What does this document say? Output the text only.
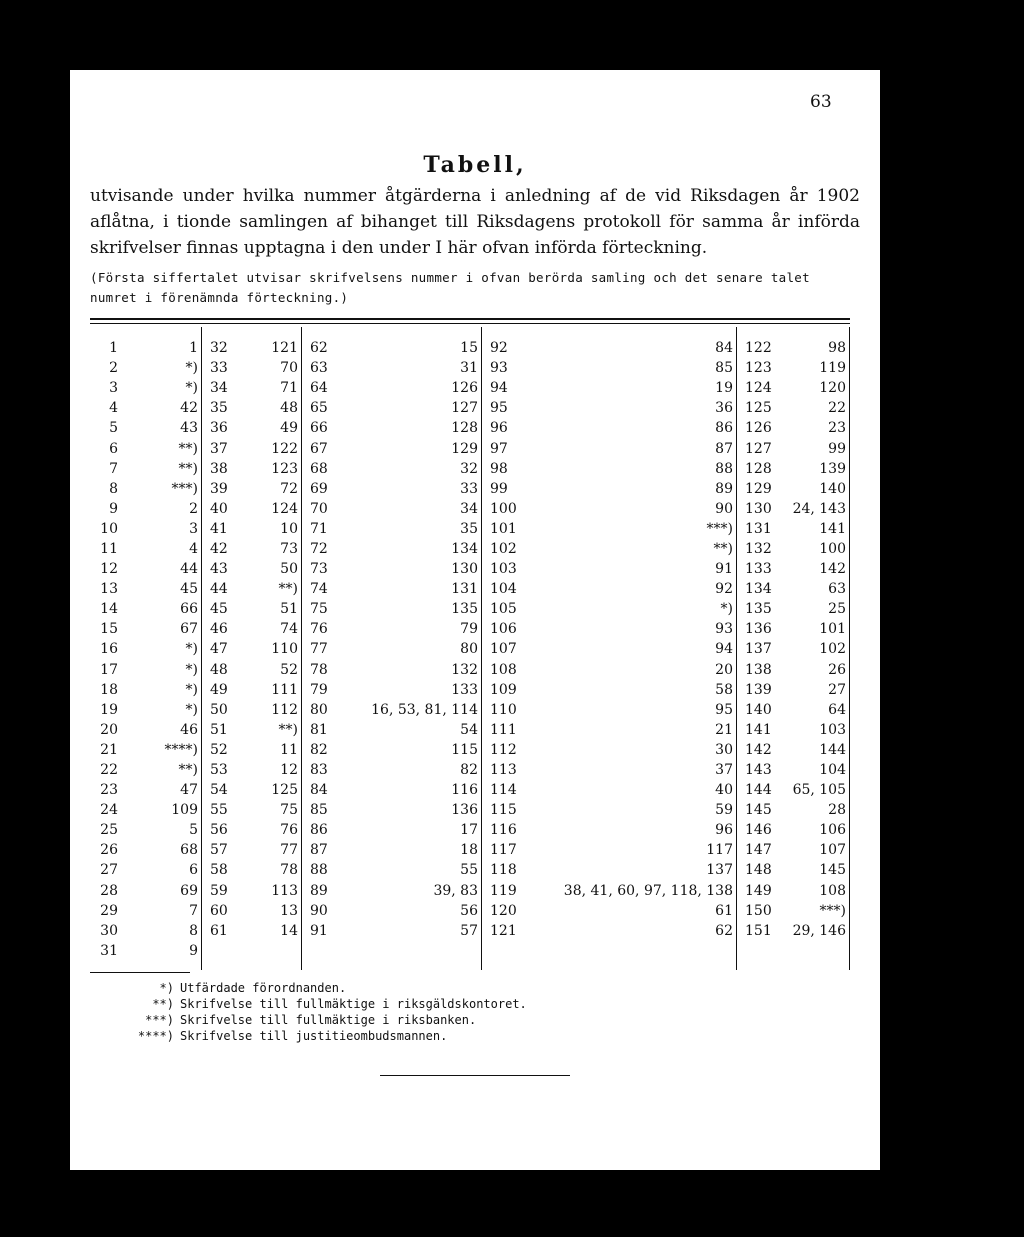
63
Tabell,

utvisande under hvilka nummer åtgärderna i anledning af de vid Riksdagen år 1902 aflåtna, i tionde samlingen af bihanget till Riksdagens protokoll för samma år införda skrifvelser finnas upptagna i den under I här ofvan införda förteckning.

(Första siffertalet utvisar skrifvelsens nummer i ofvan berörda samling och det senare talet numret i förenämnda förteckning.)
1	1	32	121	62	15	92	84	122	98
2	*)	33	70	63	31	93	85	123	119
3	*)	34	71	64	126	94	19	124	120
4	42	35	48	65	127	95	36	125	22
5	43	36	49	66	128	96	86	126	23
6	**)	37	122	67	129	97	87	127	99
7	**)	38	123	68	32	98	88	128	139
8	***)	39	72	69	33	99	89	129	140
9	2	40	124	70	34	100	90	130	24, 143
10	3	41	10	71	35	101	***)	131	141
11	4	42	73	72	134	102	**)	132	100
12	44	43	50	73	130	103	91	133	142
13	45	44	**)	74	131	104	92	134	63
14	66	45	51	75	135	105	*)	135	25
15	67	46	74	76	79	106	93	136	101
16	*)	47	110	77	80	107	94	137	102
17	*)	48	52	78	132	108	20	138	26
18	*)	49	111	79	133	109	58	139	27
19	*)	50	112	80	16, 53, 81, 114	110	95	140	64
20	46	51	**)	81	54	111	21	141	103
21	****)	52	11	82	115	112	30	142	144
22	**)	53	12	83	82	113	37	143	104
23	47	54	125	84	116	114	40	144	65, 105
24	109	55	75	85	136	115	59	145	28
25	5	56	76	86	17	116	96	146	106
26	68	57	77	87	18	117	117	147	107
27	6	58	78	88	55	118	137	148	145
28	69	59	113	89	39, 83	119	38, 41, 60, 97, 118, 138	149	108
29	7	60	13	90	56	120	61	150	***)
30	8	61	14	91	57	121	62	151	29, 146
31	9								
*) Utfärdade förordnanden.
**) Skrifvelse till fullmäktige i riksgäldskontoret.
***) Skrifvelse till fullmäktige i riksbanken.
****) Skrifvelse till justitieombudsmannen.
